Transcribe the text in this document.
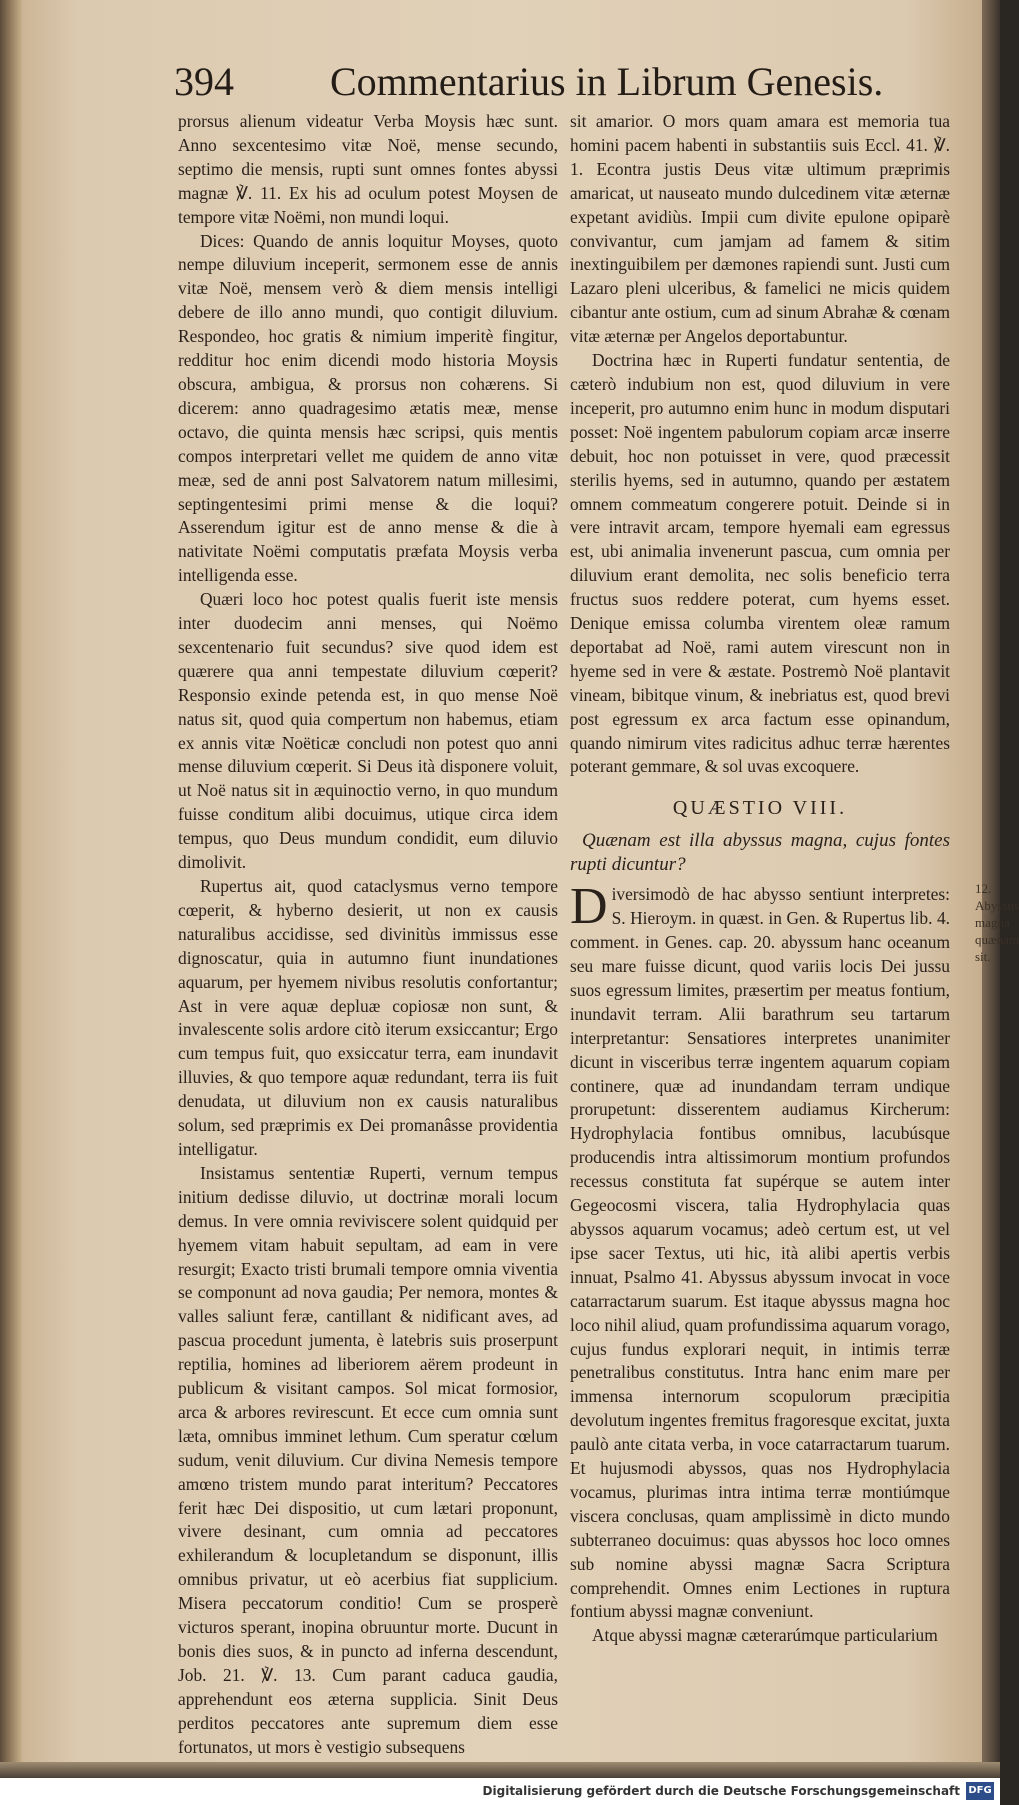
394 Commentarius in Librum Genesis.

prorsus alienum videatur Verba Moysis hæc sunt. Anno sexcentesimo vitæ Noë, mense secundo, septimo die mensis, rupti sunt omnes fontes abyssi magnæ ℣. 11. Ex his ad oculum potest Moysen de tempore vitæ Noëmi, non mundi loqui.

Dices: Quando de annis loquitur Moyses, quoto nempe diluvium inceperit, sermonem esse de annis vitæ Noë, mensem verò & diem mensis intelligi debere de illo anno mundi, quo contigit diluvium. Respondeo, hoc gratis & nimium imperitè fingitur, redditur hoc enim dicendi modo historia Moysis obscura, ambigua, & prorsus non cohærens. Si dicerem: anno quadragesimo ætatis meæ, mense octavo, die quinta mensis hæc scripsi, quis mentis compos interpretari vellet me quidem de anno vitæ meæ, sed de anni post Salvatorem natum millesimi, septingentesimi primi mense & die loqui? Asserendum igitur est de anno mense & die à nativitate Noëmi computatis præfata Moysis verba intelligenda esse.

Quæri loco hoc potest qualis fuerit iste mensis inter duodecim anni menses, qui Noëmo sexcentenario fuit secundus? sive quod idem est quærere qua anni tempestate diluvium cœperit? Responsio exinde petenda est, in quo mense Noë natus sit, quod quia compertum non habemus, etiam ex annis vitæ Noëticæ concludi non potest quo anni mense diluvium cœperit. Si Deus ità disponere voluit, ut Noë natus sit in æquinoctio verno, in quo mundum fuisse conditum alibi docuimus, utique circa idem tempus, quo Deus mundum condidit, eum diluvio dimolivit.

Rupertus ait, quod cataclysmus verno tempore cœperit, & hyberno desierit, ut non ex causis naturalibus accidisse, sed divinitùs immissus esse dignoscatur, quia in autumno fiunt inundationes aquarum, per hyemem nivibus resolutis confortantur; Ast in vere aquæ depluæ copiosæ non sunt, & invalescente solis ardore citò iterum exsiccantur; Ergo cum tempus fuit, quo exsiccatur terra, eam inundavit illuvies, & quo tempore aquæ redundant, terra iis fuit denudata, ut diluvium non ex causis naturalibus solum, sed præprimis ex Dei promanâsse providentia intelligatur.

Insistamus sententiæ Ruperti, vernum tempus initium dedisse diluvio, ut doctrinæ morali locum demus. In vere omnia reviviscere solent quidquid per hyemem vitam habuit sepultam, ad eam in vere resurgit; Exacto tristi brumali tempore omnia viventia se componunt ad nova gaudia; Per nemora, montes & valles saliunt feræ, cantillant & nidificant aves, ad pascua procedunt jumenta, è latebris suis proserpunt reptilia, homines ad liberiorem aërem prodeunt in publicum & visitant campos. Sol micat formosior, arca & arbores revirescunt. Et ecce cum omnia sunt læta, omnibus imminet lethum. Cum speratur cœlum sudum, venit diluvium. Cur divina Nemesis tempore amœno tristem mundo parat interitum? Peccatores ferit hæc Dei dispositio, ut cum lætari proponunt, vivere desinant, cum omnia ad peccatores exhilerandum & locupletandum se disponunt, illis omnibus privatur, ut eò acerbius fiat supplicium. Misera peccatorum conditio! Cum se prosperè victuros sperant, inopina obruuntur morte. Ducunt in bonis dies suos, & in puncto ad inferna descendunt, Job. 21. ℣. 13. Cum parant caduca gaudia, apprehendunt eos æterna supplicia. Sinit Deus perditos peccatores ante supremum diem esse fortunatos, ut mors è vestigio subsequens

sit amarior. O mors quam amara est memoria tua homini pacem habenti in substantiis suis Eccl. 41. ℣. 1. Econtra justis Deus vitæ ultimum præprimis amaricat, ut nauseato mundo dulcedinem vitæ æternæ expetant avidiùs. Impii cum divite epulone opiparè convivantur, cum jamjam ad famem & sitim inextinguibilem per dæmones rapiendi sunt. Justi cum Lazaro pleni ulceribus, & famelici ne micis quidem cibantur ante ostium, cum ad sinum Abrahæ & cœnam vitæ æternæ per Angelos deportabuntur.

Doctrina hæc in Ruperti fundatur sententia, de cæterò indubium non est, quod diluvium in vere inceperit, pro autumno enim hunc in modum disputari posset: Noë ingentem pabulorum copiam arcæ inserre debuit, hoc non potuisset in vere, quod præcessit sterilis hyems, sed in autumno, quando per æstatem omnem commeatum congerere potuit. Deinde si in vere intravit arcam, tempore hyemali eam egressus est, ubi animalia invenerunt pascua, cum omnia per diluvium erant demolita, nec solis beneficio terra fructus suos reddere poterat, cum hyems esset. Denique emissa columba virentem oleæ ramum deportabat ad Noë, rami autem virescunt non in hyeme sed in vere & æstate. Postremò Noë plantavit vineam, bibitque vinum, & inebriatus est, quod brevi post egressum ex arca factum esse opinandum, quando nimirum vites radicitus adhuc terræ hærentes poterant gemmare, & sol uvas excoquere.

QUÆSTIO VIII.

Quænam est illa abyssus magna, cujus fontes rupti dicuntur?

Diversimodò de hac abysso sentiunt interpretes: S. Hieroym. in quæst. in Gen. & Rupertus lib. 4. comment. in Genes. cap. 20. abyssum hanc oceanum seu mare fuisse dicunt, quod variis locis Dei jussu suos egressum limites, præsertim per meatus fontium, inundavit terram. Alii barathrum seu tartarum interpretantur: Sensatiores interpretes unanimiter dicunt in visceribus terræ ingentem aquarum copiam continere, quæ ad inundandam terram undique prorupetunt: disserentem audiamus Kircherum: Hydrophylacia fontibus omnibus, lacubúsque producendis intra altissimorum montium profundos recessus constituta fat supérque se autem inter Gegeocosmi viscera, talia Hydrophylacia quas abyssos aquarum vocamus; adeò certum est, ut vel ipse sacer Textus, uti hic, ità alibi apertis verbis innuat, Psalmo 41. Abyssus abyssum invocat in voce catarractarum suarum. Est itaque abyssus magna hoc loco nihil aliud, quam profundissima aquarum vorago, cujus fundus explorari nequit, in intimis terræ penetralibus constitutus. Intra hanc enim mare per immensa internorum scopulorum præcipitia devolutum ingentes fremitus fragoresque excitat, juxta paulò ante citata verba, in voce catarractarum tuarum. Et hujusmodi abyssos, quas nos Hydrophylacia vocamus, plurimas intra intima terræ montiúmque viscera conclusas, quam amplissimè in dicto mundo subterraneo docuimus: quas abyssos hoc loco omnes sub nomine abyssi magnæ Sacra Scriptura comprehendit. Omnes enim Lectiones in ruptura fontium abyssi magnæ conveniunt.

Atque abyssi magnæ cæterarúmque particularium

12.
Abyssus
magna
quænam
sit.
Digitalisierung gefördert durch die Deutsche Forschungsgemeinschaft DFG
